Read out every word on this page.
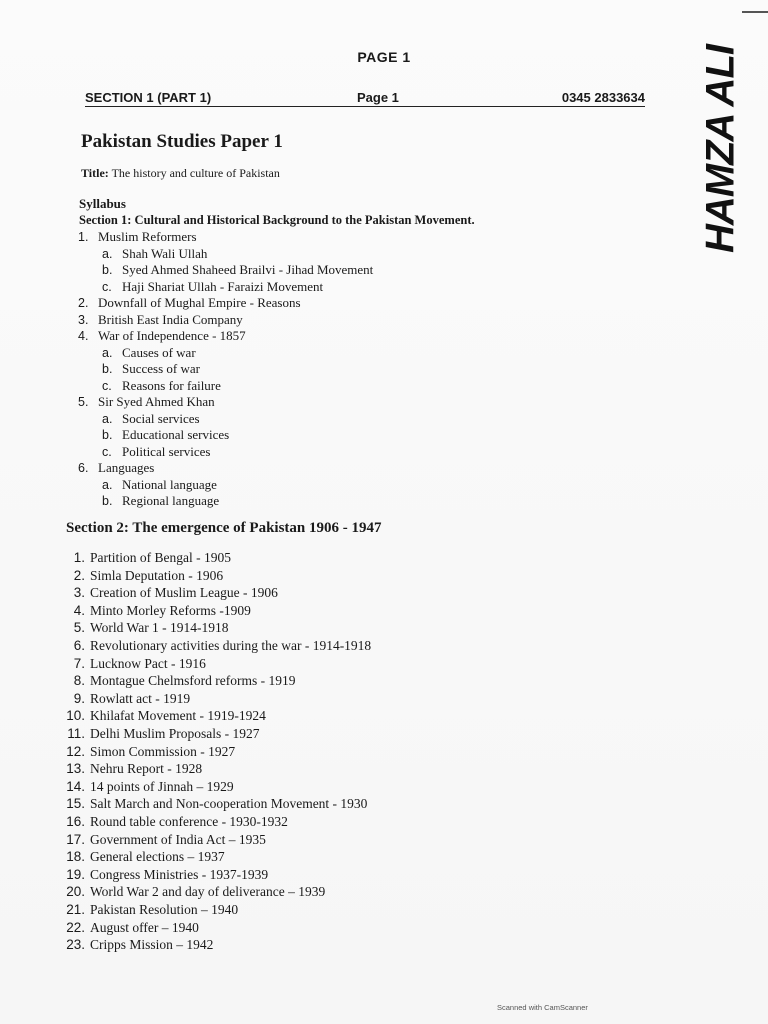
PAGE 1
SECTION 1 (PART 1)	Page 1	0345 2833634 HAMZA ALI
Pakistan Studies Paper 1
Title: The history and culture of Pakistan
Syllabus
Section 1: Cultural and Historical Background to the Pakistan Movement.
1. Muslim Reformers
a. Shah Wali Ullah
b. Syed Ahmed Shaheed Brailvi - Jihad Movement
c. Haji Shariat Ullah - Faraizi Movement
2. Downfall of Mughal Empire - Reasons
3. British East India Company
4. War of Independence - 1857
a. Causes of war
b. Success of war
c. Reasons for failure
5. Sir Syed Ahmed Khan
a. Social services
b. Educational services
c. Political services
6. Languages
a. National language
b. Regional language
Section 2: The emergence of Pakistan 1906 - 1947
1. Partition of Bengal - 1905
2. Simla Deputation - 1906
3. Creation of Muslim League - 1906
4. Minto Morley Reforms -1909
5. World War 1 - 1914-1918
6. Revolutionary activities during the war - 1914-1918
7. Lucknow Pact - 1916
8. Montague Chelmsford reforms - 1919
9. Rowlatt act - 1919
10. Khilafat Movement - 1919-1924
11. Delhi Muslim Proposals - 1927
12. Simon Commission - 1927
13. Nehru Report - 1928
14. 14 points of Jinnah – 1929
15. Salt March and Non-cooperation Movement - 1930
16. Round table conference - 1930-1932
17. Government of India Act – 1935
18. General elections – 1937
19. Congress Ministries - 1937-1939
20. World War 2 and day of deliverance – 1939
21. Pakistan Resolution – 1940
22. August offer – 1940
23. Cripps Mission – 1942
Scanned with CamScanner
